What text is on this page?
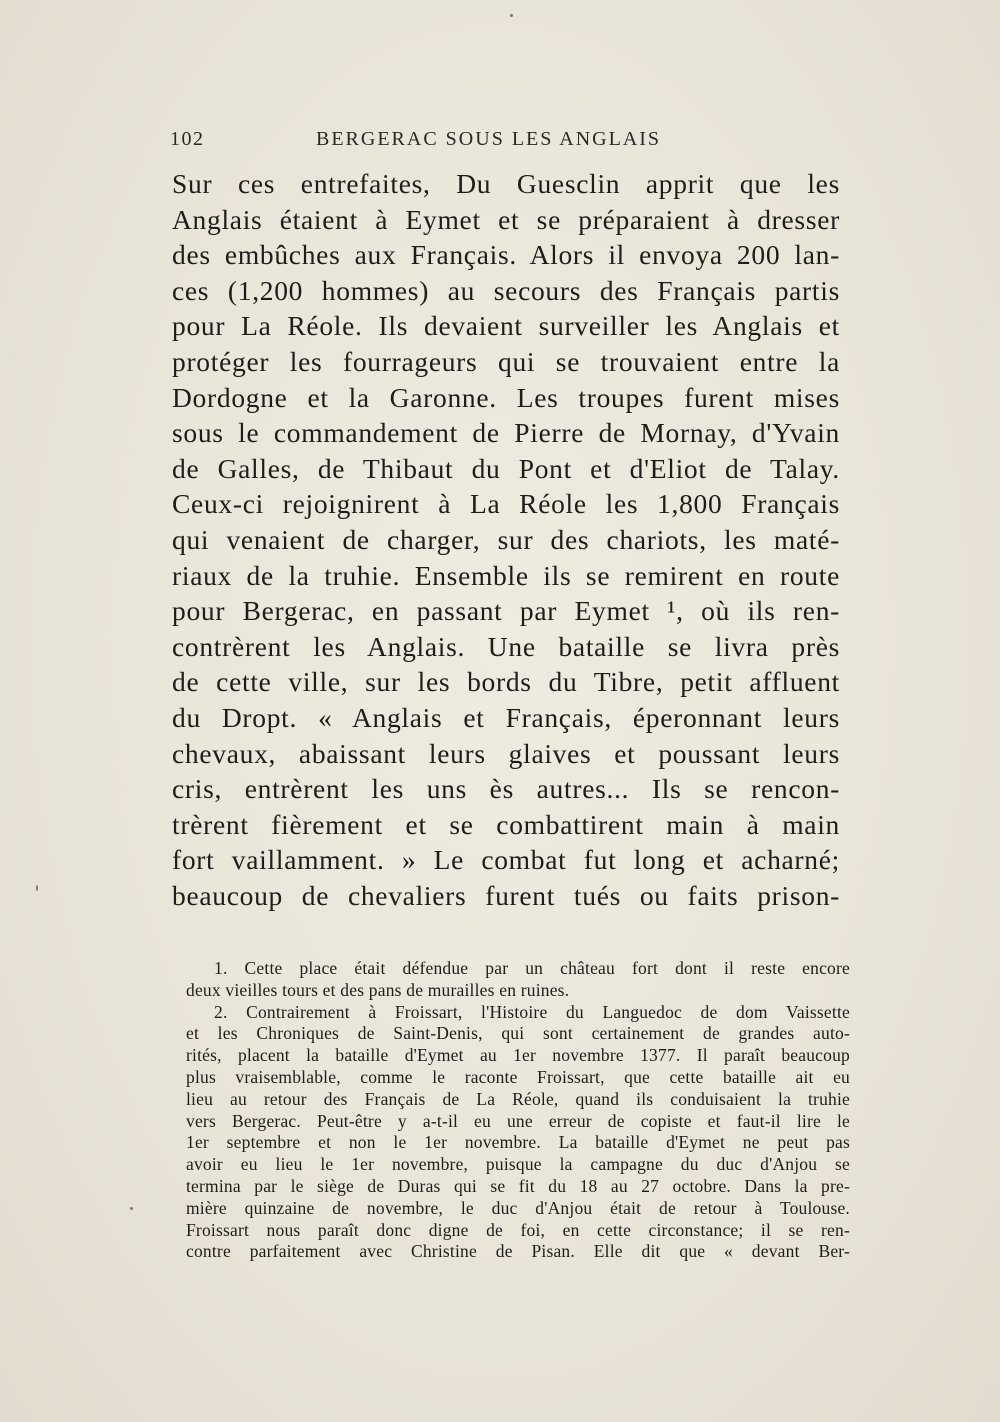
102	BERGERAC SOUS LES ANGLAIS
Sur ces entrefaites, Du Guesclin apprit que les
Anglais étaient à Eymet et se préparaient à dresser
des embûches aux Français. Alors il envoya 200 lan-
ces (1,200 hommes) au secours des Français partis
pour La Réole. Ils devaient surveiller les Anglais et
protéger les fourrageurs qui se trouvaient entre la
Dordogne et la Garonne. Les troupes furent mises
sous le commandement de Pierre de Mornay, d'Yvain
de Galles, de Thibaut du Pont et d'Eliot de Talay.
Ceux-ci rejoignirent à La Réole les 1,800 Français
qui venaient de charger, sur des chariots, les maté-
riaux de la truhie. Ensemble ils se remirent en route
pour Bergerac, en passant par Eymet ¹, où ils ren-
contrèrent les Anglais. Une bataille se livra près
de cette ville, sur les bords du Tibre, petit affluent
du Dropt. « Anglais et Français, éperonnant leurs
chevaux, abaissant leurs glaives et poussant leurs
cris, entrèrent les uns ès autres... Ils se rencon-
trèrent fièrement et se combattirent main à main
fort vaillamment. » Le combat fut long et acharné;
beaucoup de chevaliers furent tués ou faits prison-
1. Cette place était défendue par un château fort dont il reste encore
deux vieilles tours et des pans de murailles en ruines.
2. Contrairement à Froissart, l'Histoire du Languedoc de dom Vaissette
et les Chroniques de Saint-Denis, qui sont certainement de grandes auto-
rités, placent la bataille d'Eymet au 1er novembre 1377. Il paraît beaucoup
plus vraisemblable, comme le raconte Froissart, que cette bataille ait eu
lieu au retour des Français de La Réole, quand ils conduisaient la truhie
vers Bergerac. Peut-être y a-t-il eu une erreur de copiste et faut-il lire le
1er septembre et non le 1er novembre. La bataille d'Eymet ne peut pas
avoir eu lieu le 1er novembre, puisque la campagne du duc d'Anjou se
termina par le siège de Duras qui se fit du 18 au 27 octobre. Dans la pre-
mière quinzaine de novembre, le duc d'Anjou était de retour à Toulouse.
Froissart nous paraît donc digne de foi, en cette circonstance; il se ren-
contre parfaitement avec Christine de Pisan. Elle dit que « devant Ber-
